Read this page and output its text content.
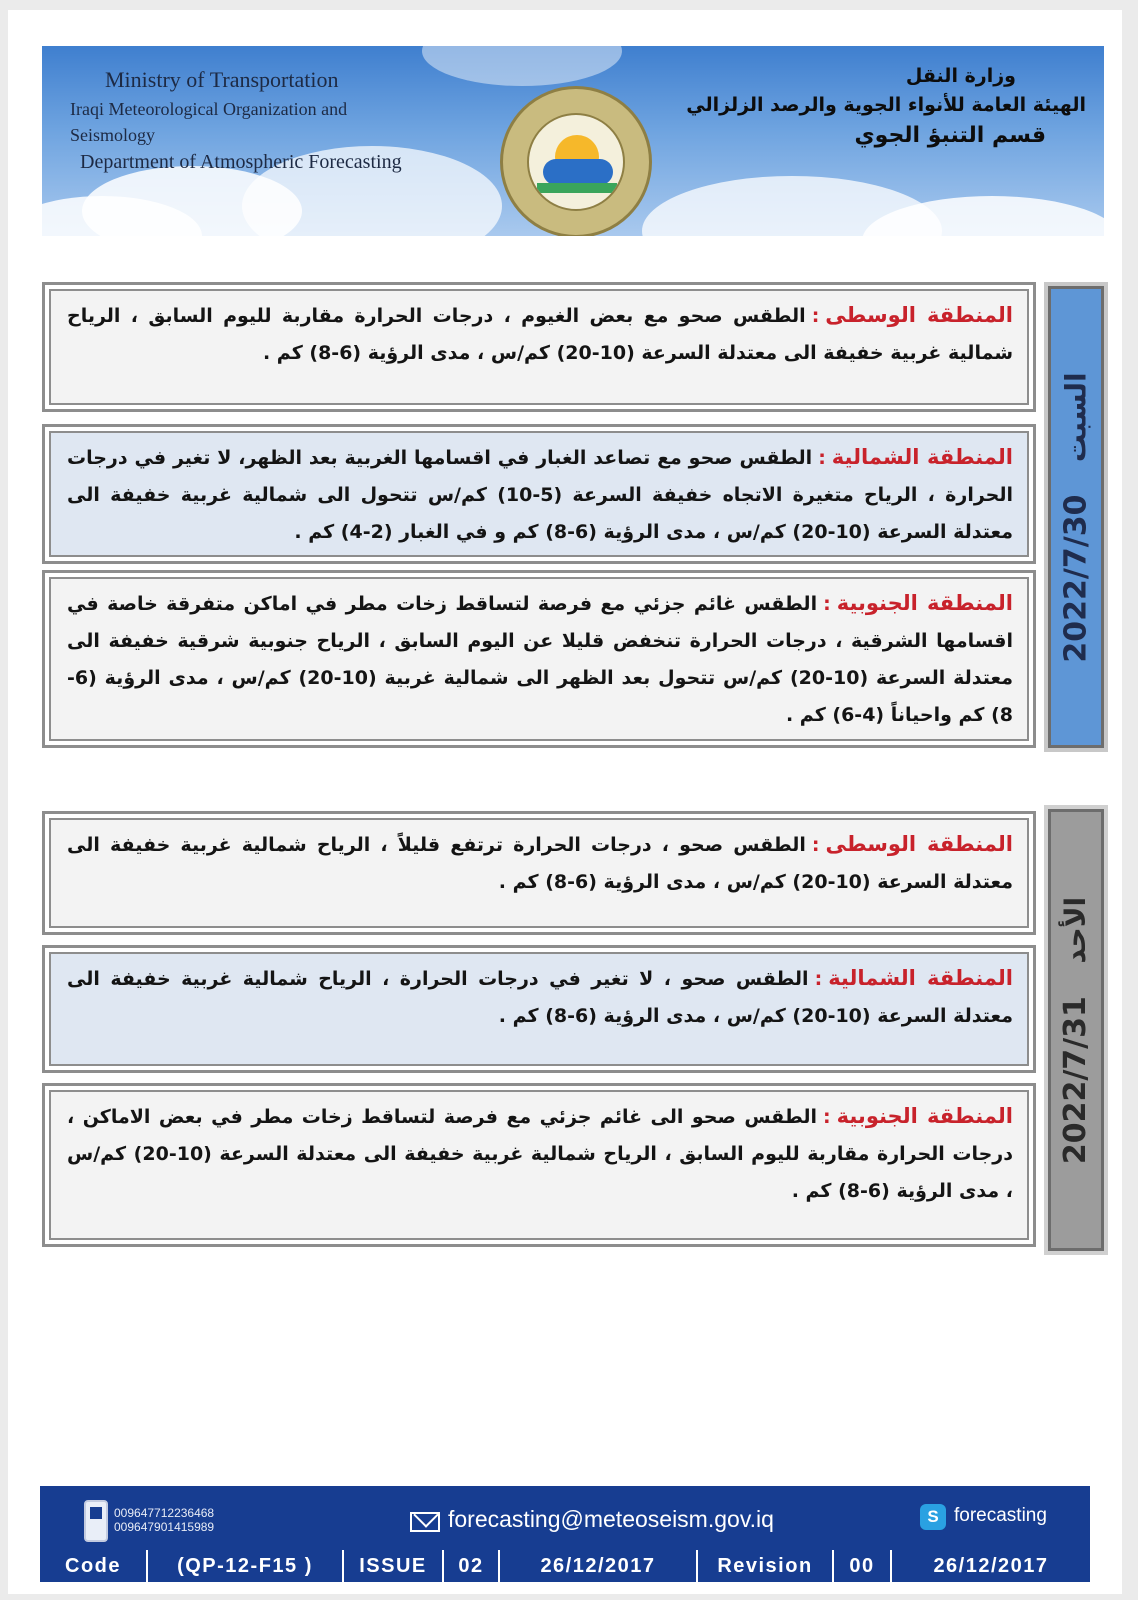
Ministry of Transportation
Iraqi Meteorological Organization and Seismology
Department of Atmospheric Forecasting
وزارة النقل
الهيئة العامة للأنواء الجوية والرصد الزلزالي
قسم التنبؤ الجوي
المنطقة الوسطى:الطقس صحو مع بعض الغيوم ، درجات الحرارة مقاربة لليوم السابق ، الرياح شمالية غربية خفيفة الى معتدلة السرعة (10-20) كم/س ، مدى الرؤية (6-8) كم .
المنطقة الشمالية:الطقس صحو مع تصاعد الغبار في اقسامها الغربية بعد الظهر، لا تغير في درجات الحرارة ، الرياح متغيرة الاتجاه خفيفة السرعة (5-10) كم/س تتحول الى شمالية غربية خفيفة الى معتدلة السرعة (10-20) كم/س ، مدى الرؤية (6-8) كم و في الغبار (2-4) كم .
المنطقة الجنوبية:الطقس غائم جزئي مع فرصة لتساقط زخات مطر في اماكن متفرقة خاصة في اقسامها الشرقية ، درجات الحرارة تنخفض قليلا عن اليوم السابق ، الرياح جنوبية شرقية خفيفة الى معتدلة السرعة (10-20) كم/س تتحول بعد الظهر الى شمالية غربية (10-20) كم/س ، مدى الرؤية (6-8) كم واحياناً (4-6) كم .
2022/7/30 السبت
المنطقة الوسطى:الطقس صحو ، درجات الحرارة ترتفع قليلاً ، الرياح شمالية غربية خفيفة الى معتدلة السرعة (10-20) كم/س ، مدى الرؤية (6-8) كم .
المنطقة الشمالية:الطقس صحو ، لا تغير في درجات الحرارة ، الرياح شمالية غربية خفيفة الى معتدلة السرعة (10-20) كم/س ، مدى الرؤية (6-8) كم .
المنطقة الجنوبية:الطقس صحو الى غائم جزئي مع فرصة لتساقط زخات مطر في بعض الاماكن ، درجات الحرارة مقاربة لليوم السابق ، الرياح شمالية غربية خفيفة الى معتدلة السرعة (10-20) كم/س ، مدى الرؤية (6-8) كم .
2022/7/31 الأحد
009647712236468
009647901415989	forecasting@meteoseism.gov.iq	S forecasting
Code	(QP-12-F15 )	ISSUE	02	26/12/2017	Revision	00	26/12/2017
